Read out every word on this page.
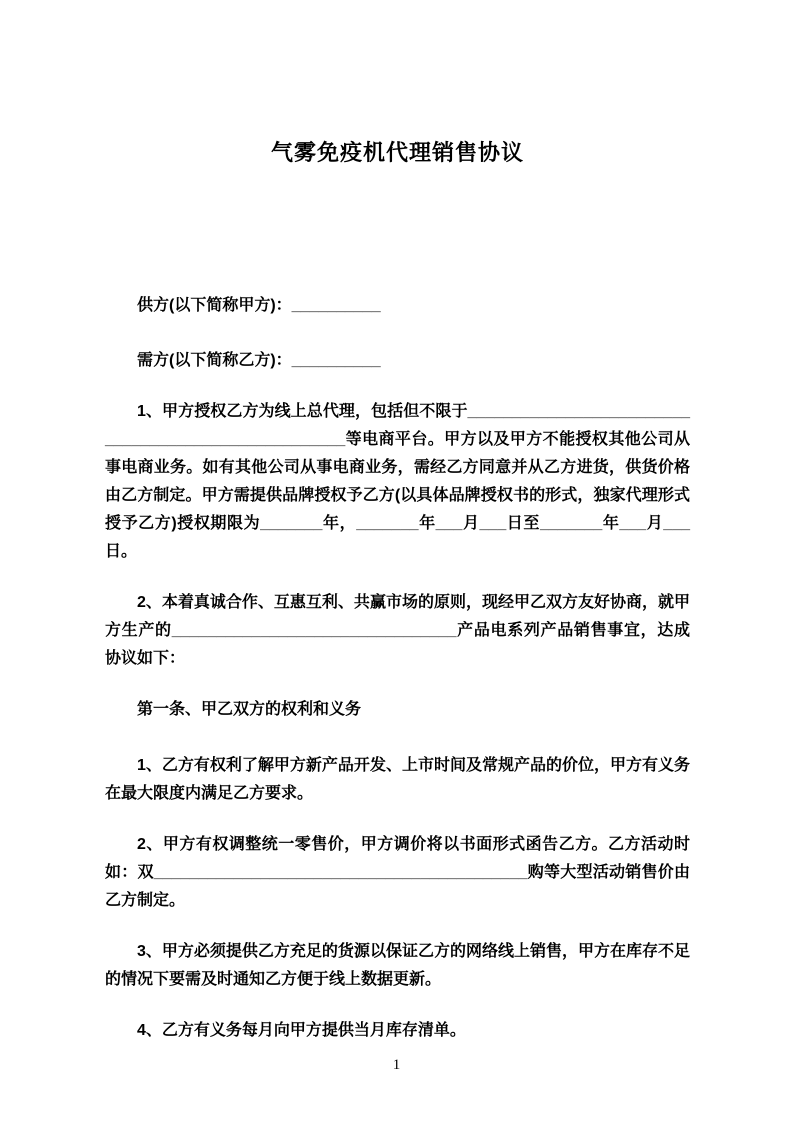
气雾免疫机代理销售协议

供方(以下简称甲方)：__________

需方(以下简称乙方)：__________

1、甲方授权乙方为线上总代理，包括但不限于____________________________________________________等电商平台。甲方以及甲方不能授权其他公司从事电商业务。如有其他公司从事电商业务，需经乙方同意并从乙方进货，供货价格由乙方制定。甲方需提供品牌授权予乙方(以具体品牌授权书的形式，独家代理形式授予乙方)授权期限为_______年，_______年___月___日至_______年___月___日。

2、本着真诚合作、互惠互利、共赢市场的原则，现经甲乙双方友好协商，就甲方生产的________________________________产品电系列产品销售事宜，达成协议如下：

第一条、甲乙双方的权利和义务

1、乙方有权利了解甲方新产品开发、上市时间及常规产品的价位，甲方有义务在最大限度内满足乙方要求。

2、甲方有权调整统一零售价，甲方调价将以书面形式函告乙方。乙方活动时如：双__________________________________________购等大型活动销售价由乙方制定。

3、甲方必须提供乙方充足的货源以保证乙方的网络线上销售，甲方在库存不足的情况下要需及时通知乙方便于线上数据更新。

4、乙方有义务每月向甲方提供当月库存清单。

1
